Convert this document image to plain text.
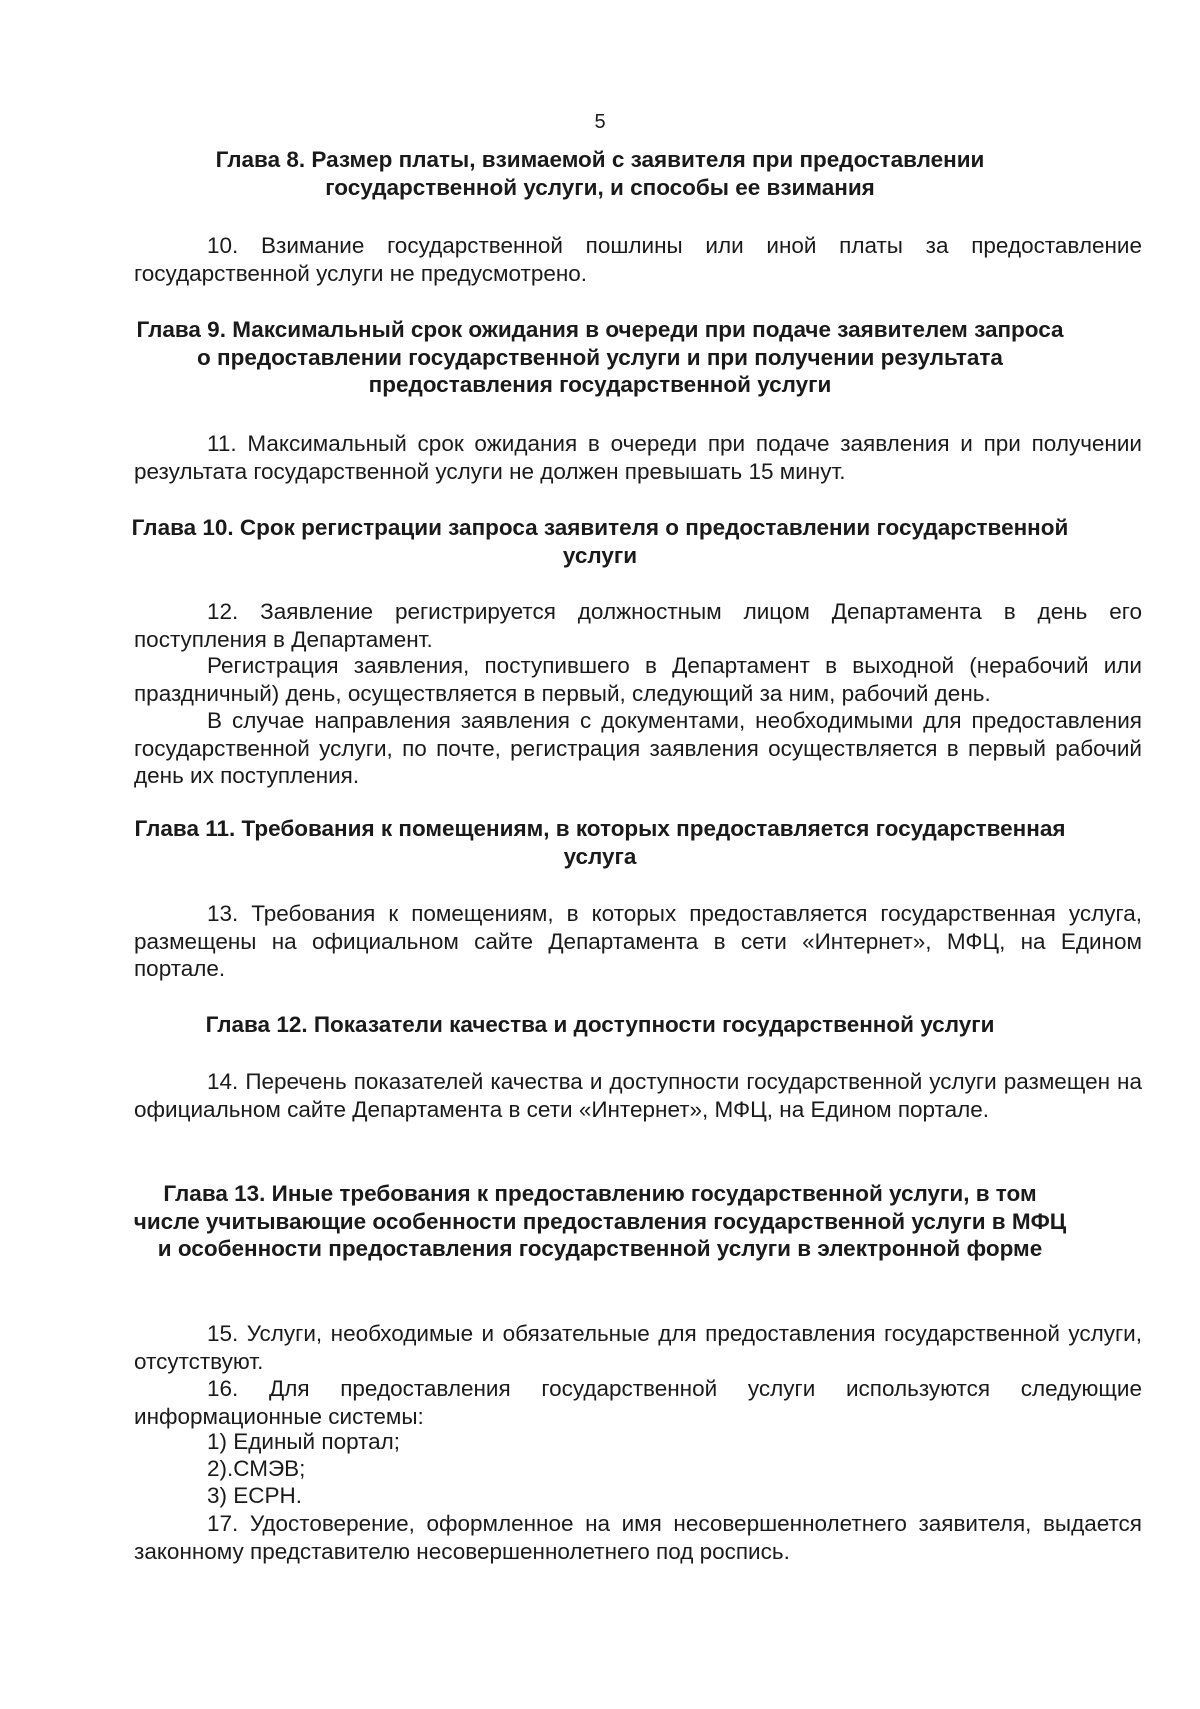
5
Глава 8. Размер платы, взимаемой с заявителя при предоставлении государственной услуги, и способы ее взимания
10. Взимание государственной пошлины или иной платы за предоставление государственной услуги не предусмотрено.
Глава 9. Максимальный срок ожидания в очереди при подаче заявителем запроса о предоставлении государственной услуги и при получении результата предоставления государственной услуги
11. Максимальный срок ожидания в очереди при подаче заявления и при получении результата государственной услуги не должен превышать 15 минут.
Глава 10. Срок регистрации запроса заявителя о предоставлении государственной услуги
12. Заявление регистрируется должностным лицом Департамента в день его поступления в Департамент.
Регистрация заявления, поступившего в Департамент в выходной (нерабочий или праздничный) день, осуществляется в первый, следующий за ним, рабочий день.
В случае направления заявления с документами, необходимыми для предоставления государственной услуги, по почте, регистрация заявления осуществляется в первый рабочий день их поступления.
Глава 11. Требования к помещениям, в которых предоставляется государственная услуга
13. Требования к помещениям, в которых предоставляется государственная услуга, размещены на официальном сайте Департамента в сети «Интернет», МФЦ, на Едином портале.
Глава 12. Показатели качества и доступности государственной услуги
14. Перечень показателей качества и доступности государственной услуги размещен на официальном сайте Департамента в сети «Интернет», МФЦ, на Едином портале.
Глава 13. Иные требования к предоставлению государственной услуги, в том числе учитывающие особенности предоставления государственной услуги в МФЦ и особенности предоставления государственной услуги в электронной форме
15. Услуги, необходимые и обязательные для предоставления государственной услуги, отсутствуют.
16. Для предоставления государственной услуги используются следующие информационные системы:
1) Единый портал;
2).СМЭВ;
3) ЕСРН.
17. Удостоверение, оформленное на имя несовершеннолетнего заявителя, выдается законному представителю несовершеннолетнего под роспись.
